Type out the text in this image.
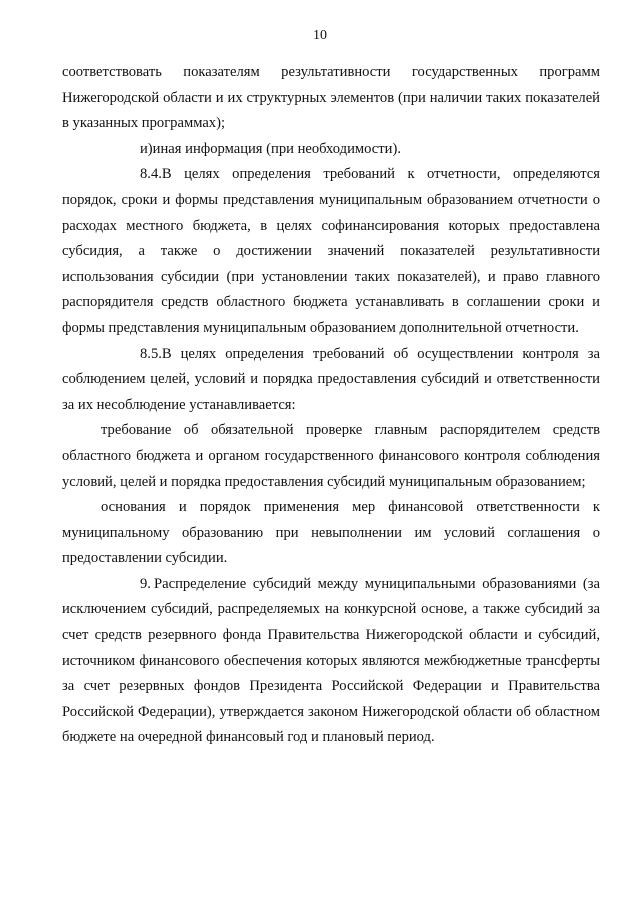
10

соответствовать показателям результативности государственных программ Нижегородской области и их структурных элементов (при наличии таких показателей в указанных программах);

и)иная информация (при необходимости).

8.4.В целях определения требований к отчетности, определяются порядок, сроки и формы представления муниципальным образованием отчетности о расходах местного бюджета, в целях софинансирования которых предоставлена субсидия, а также о достижении значений показателей результативности использования субсидии (при установлении таких показателей), и право главного распорядителя средств областного бюджета устанавливать в соглашении сроки и формы представления муниципальным образованием дополнительной отчетности.

8.5.В целях определения требований об осуществлении контроля за соблюдением целей, условий и порядка предоставления субсидий и ответственности за их несоблюдение устанавливается:

требование об обязательной проверке главным распорядителем средств областного бюджета и органом государственного финансового контроля соблюдения условий, целей и порядка предоставления субсидий муниципальным образованием;

основания и порядок применения мер финансовой ответственности к муниципальному образованию при невыполнении им условий соглашения о предоставлении субсидии.

9. Распределение субсидий между муниципальными образованиями (за исключением субсидий, распределяемых на конкурсной основе, а также субсидий за счет средств резервного фонда Правительства Нижегородской области и субсидий, источником финансового обеспечения которых являются межбюджетные трансферты за счет резервных фондов Президента Российской Федерации и Правительства Российской Федерации), утверждается законом Нижегородской области об областном бюджете на очередной финансовый год и плановый период.
